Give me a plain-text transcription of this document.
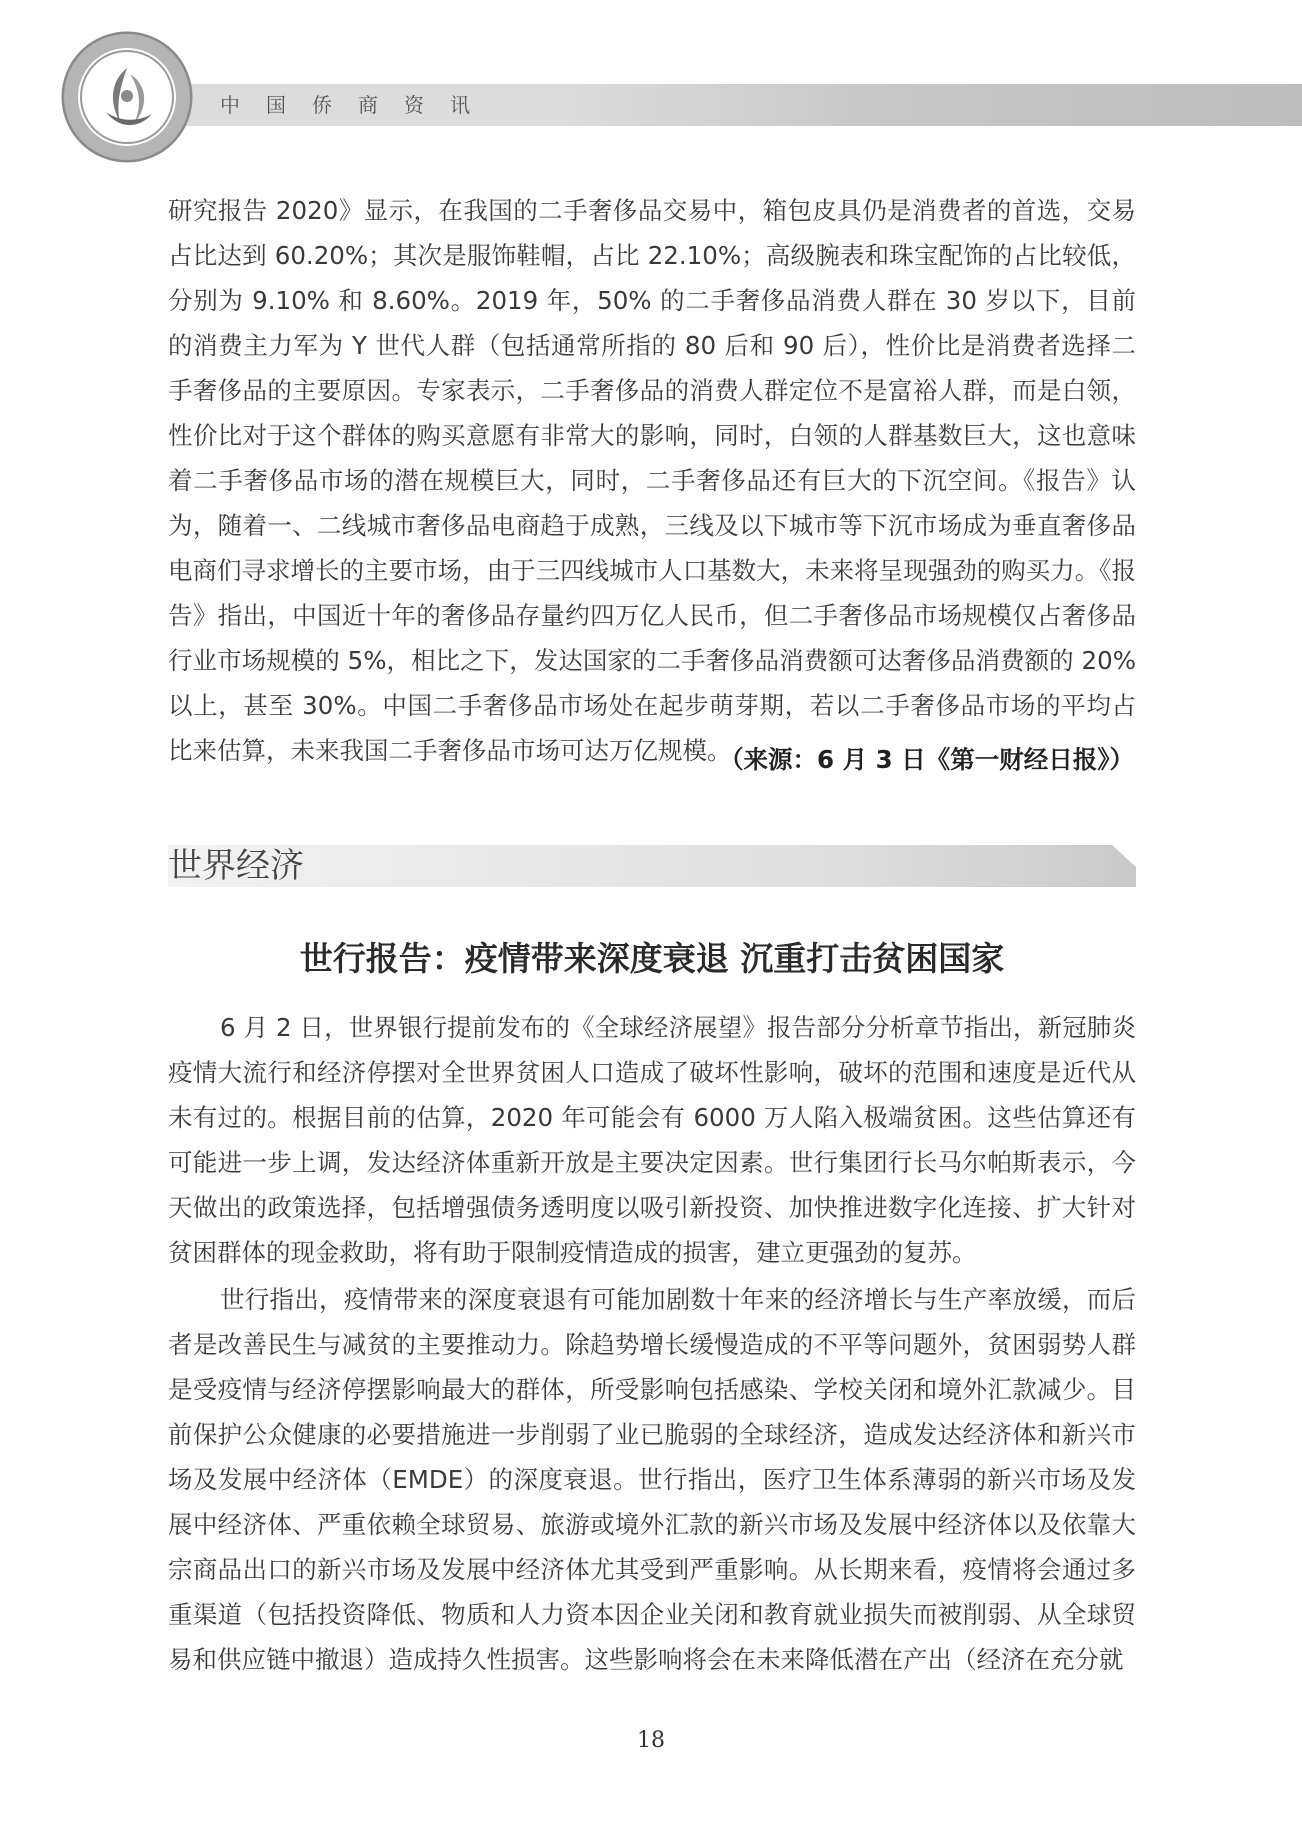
中国侨商资讯

研究报告 2020》显示，在我国的二手奢侈品交易中，箱包皮具仍是消费者的首选，交易占比达到 60.20%；其次是服饰鞋帽，占比 22.10%；高级腕表和珠宝配饰的占比较低，分别为 9.10% 和 8.60%。2019 年，50% 的二手奢侈品消费人群在 30 岁以下，目前的消费主力军为 Y 世代人群（包括通常所指的 80 后和 90 后），性价比是消费者选择二手奢侈品的主要原因。专家表示，二手奢侈品的消费人群定位不是富裕人群，而是白领，性价比对于这个群体的购买意愿有非常大的影响，同时，白领的人群基数巨大，这也意味着二手奢侈品市场的潜在规模巨大，同时，二手奢侈品还有巨大的下沉空间。《报告》认为，随着一、二线城市奢侈品电商趋于成熟，三线及以下城市等下沉市场成为垂直奢侈品电商们寻求增长的主要市场，由于三四线城市人口基数大，未来将呈现强劲的购买力。《报告》指出，中国近十年的奢侈品存量约四万亿人民币，但二手奢侈品市场规模仅占奢侈品行业市场规模的 5%，相比之下，发达国家的二手奢侈品消费额可达奢侈品消费额的 20% 以上，甚至 30%。中国二手奢侈品市场处在起步萌芽期，若以二手奢侈品市场的平均占比来估算，未来我国二手奢侈品市场可达万亿规模。

（来源：6 月 3 日《第一财经日报》）
世界经济
世行报告：疫情带来深度衰退 沉重打击贫困国家

6 月 2 日，世界银行提前发布的《全球经济展望》报告部分分析章节指出，新冠肺炎疫情大流行和经济停摆对全世界贫困人口造成了破坏性影响，破坏的范围和速度是近代从未有过的。根据目前的估算，2020 年可能会有 6000 万人陷入极端贫困。这些估算还有可能进一步上调，发达经济体重新开放是主要决定因素。世行集团行长马尔帕斯表示，今天做出的政策选择，包括增强债务透明度以吸引新投资、加快推进数字化连接、扩大针对贫困群体的现金救助，将有助于限制疫情造成的损害，建立更强劲的复苏。

世行指出，疫情带来的深度衰退有可能加剧数十年来的经济增长与生产率放缓，而后者是改善民生与减贫的主要推动力。除趋势增长缓慢造成的不平等问题外，贫困弱势人群是受疫情与经济停摆影响最大的群体，所受影响包括感染、学校关闭和境外汇款减少。目前保护公众健康的必要措施进一步削弱了业已脆弱的全球经济，造成发达经济体和新兴市场及发展中经济体（EMDE）的深度衰退。世行指出，医疗卫生体系薄弱的新兴市场及发展中经济体、严重依赖全球贸易、旅游或境外汇款的新兴市场及发展中经济体以及依靠大宗商品出口的新兴市场及发展中经济体尤其受到严重影响。从长期来看，疫情将会通过多重渠道（包括投资降低、物质和人力资本因企业关闭和教育就业损失而被削弱、从全球贸易和供应链中撤退）造成持久性损害。这些影响将会在未来降低潜在产出（经济在充分就

18
